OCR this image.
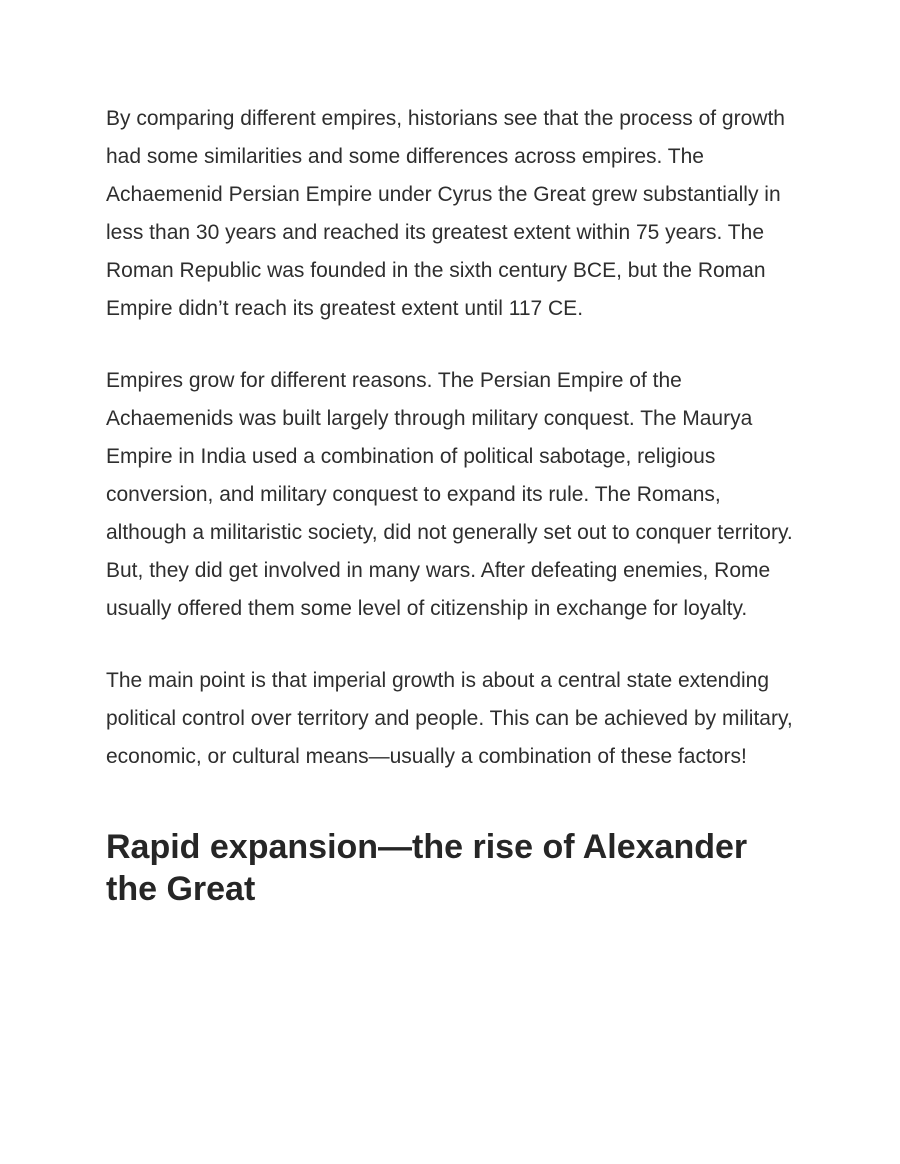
By comparing different empires, historians see that the process of growth had some similarities and some differences across empires. The Achaemenid Persian Empire under Cyrus the Great grew substantially in less than 30 years and reached its greatest extent within 75 years. The Roman Republic was founded in the sixth century BCE, but the Roman Empire didn’t reach its greatest extent until 117 CE.

Empires grow for different reasons. The Persian Empire of the Achaemenids was built largely through military conquest. The Maurya Empire in India used a combination of political sabotage, religious conversion, and military conquest to expand its rule. The Romans, although a militaristic society, did not generally set out to conquer territory. But, they did get involved in many wars. After defeating enemies, Rome usually offered them some level of citizenship in exchange for loyalty.

The main point is that imperial growth is about a central state extending political control over territory and people. This can be achieved by military, economic, or cultural means—usually a combination of these factors!

Rapid expansion—the rise of Alexander the Great
